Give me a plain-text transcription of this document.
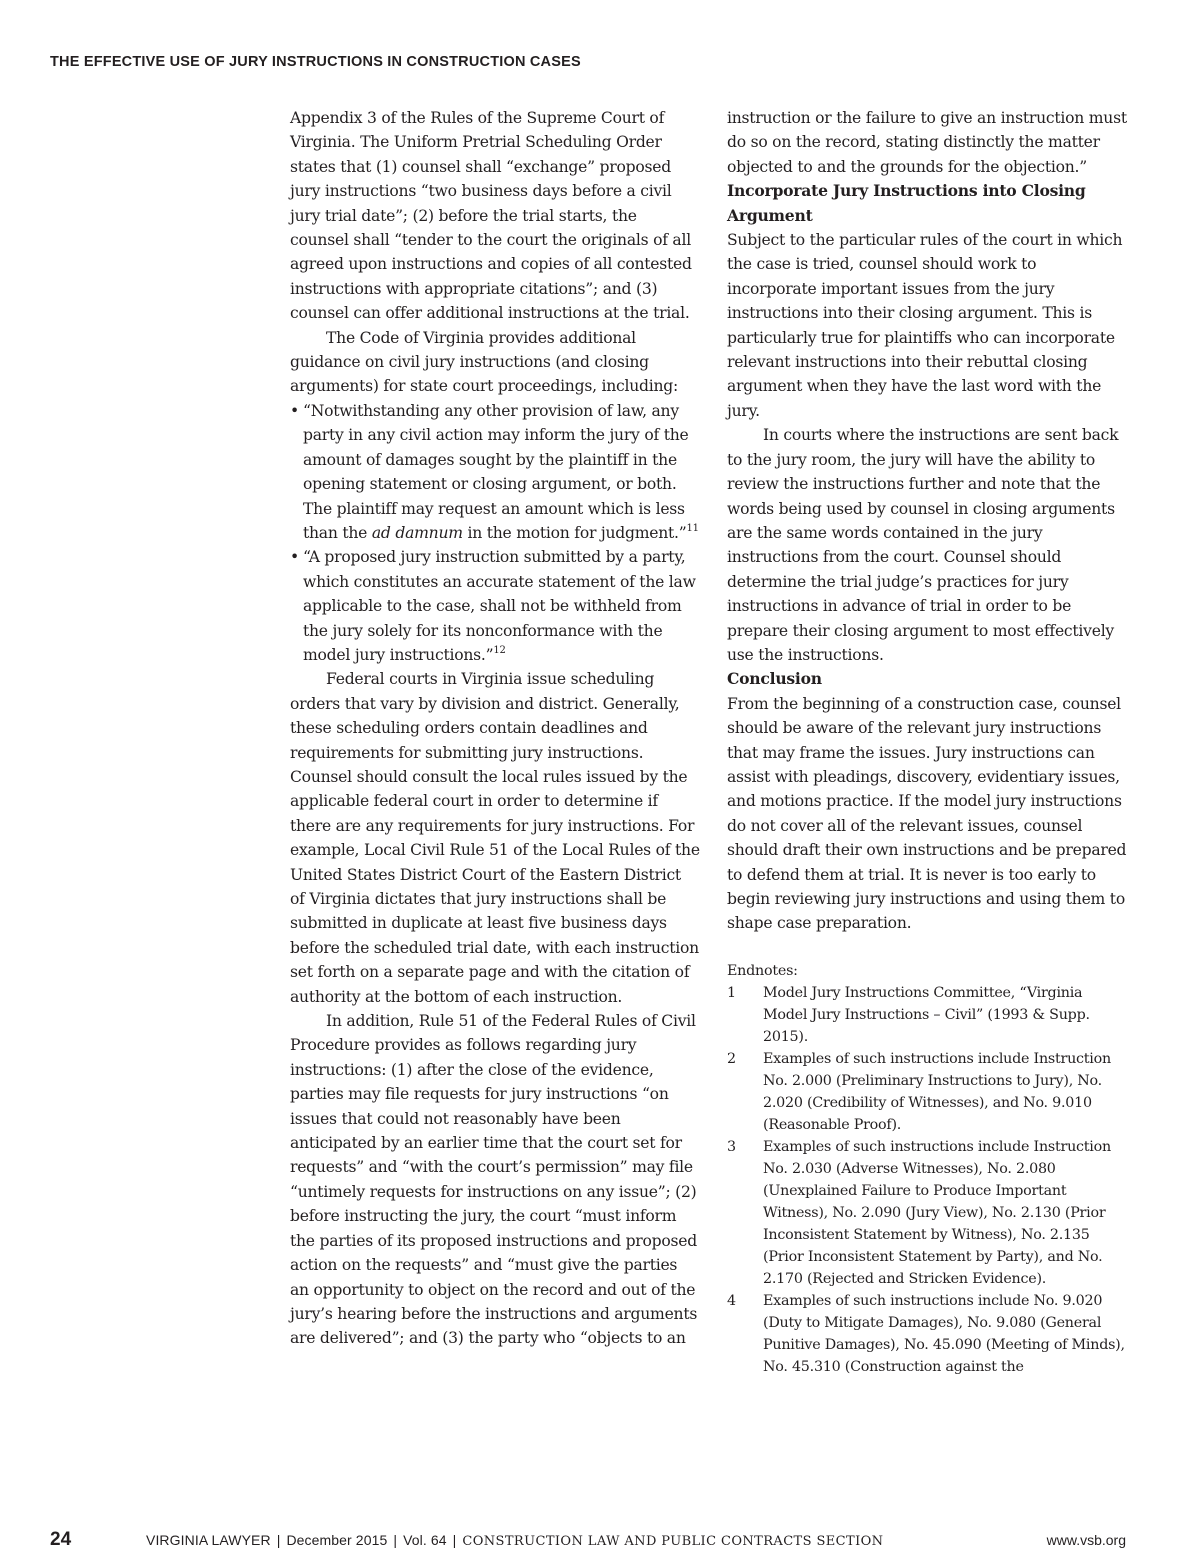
THE EFFECTIVE USE OF JURY INSTRUCTIONS IN CONSTRUCTION CASES

Appendix 3 of the Rules of the Supreme Court of Virginia. The Uniform Pretrial Scheduling Order states that (1) counsel shall “exchange” proposed jury instructions “two business days before a civil jury trial date”; (2) before the trial starts, the counsel shall “tender to the court the originals of all agreed upon instructions and copies of all contested instructions with appropriate citations”; and (3) counsel can offer additional instructions at the trial.

The Code of Virginia provides additional guidance on civil jury instructions (and closing arguments) for state court proceedings, including:

• “Notwithstanding any other provision of law, any party in any civil action may inform the jury of the amount of damages sought by the plaintiff in the opening statement or closing argument, or both. The plaintiff may request an amount which is less than the ad damnum in the motion for judgment.”$^{11}$
• “A proposed jury instruction submitted by a party, which constitutes an accurate statement of the law applicable to the case, shall not be withheld from the jury solely for its nonconformance with the model jury instructions.”$^{12}$

Federal courts in Virginia issue scheduling orders that vary by division and district. Generally, these scheduling orders contain deadlines and requirements for submitting jury instructions. Counsel should consult the local rules issued by the applicable federal court in order to determine if there are any requirements for jury instructions. For example, Local Civil Rule 51 of the Local Rules of the United States District Court of the Eastern District of Virginia dictates that jury instructions shall be submitted in duplicate at least five business days before the scheduled trial date, with each instruction set forth on a separate page and with the citation of authority at the bottom of each instruction.

In addition, Rule 51 of the Federal Rules of Civil Procedure provides as follows regarding jury instructions: (1) after the close of the evidence, parties may file requests for jury instructions “on issues that could not reasonably have been anticipated by an earlier time that the court set for requests” and “with the court’s permission” may file “untimely requests for instructions on any issue”; (2) before instructing the jury, the court “must inform the parties of its proposed instructions and proposed action on the requests” and “must give the parties an opportunity to object on the record and out of the jury’s hearing before the instructions and arguments are delivered”; and (3) the party who “objects to an

instruction or the failure to give an instruction must do so on the record, stating distinctly the matter objected to and the grounds for the objection.”

Incorporate Jury Instructions into Closing Argument

Subject to the particular rules of the court in which the case is tried, counsel should work to incorporate important issues from the jury instructions into their closing argument. This is particularly true for plaintiffs who can incorporate relevant instructions into their rebuttal closing argument when they have the last word with the jury.

In courts where the instructions are sent back to the jury room, the jury will have the ability to review the instructions further and note that the words being used by counsel in closing arguments are the same words contained in the jury instructions from the court. Counsel should determine the trial judge’s practices for jury instructions in advance of trial in order to be prepare their closing argument to most effectively use the instructions.

Conclusion

From the beginning of a construction case, counsel should be aware of the relevant jury instructions that may frame the issues. Jury instructions can assist with pleadings, discovery, evidentiary issues, and motions practice. If the model jury instructions do not cover all of the relevant issues, counsel should draft their own instructions and be prepared to defend them at trial. It is never is too early to begin reviewing jury instructions and using them to shape case preparation.

Endnotes:
1	Model Jury Instructions Committee, “Virginia Model Jury Instructions – Civil” (1993 & Supp. 2015).
2	Examples of such instructions include Instruction No. 2.000 (Preliminary Instructions to Jury), No. 2.020 (Credibility of Witnesses), and No. 9.010 (Reasonable Proof).
3	Examples of such instructions include Instruction No. 2.030 (Adverse Witnesses), No. 2.080 (Unexplained Failure to Produce Important Witness), No. 2.090 (Jury View), No. 2.130 (Prior Inconsistent Statement by Witness), No. 2.135 (Prior Inconsistent Statement by Party), and No. 2.170 (Rejected and Stricken Evidence).
4	Examples of such instructions include No. 9.020 (Duty to Mitigate Damages), No. 9.080 (General Punitive Damages), No. 45.090 (Meeting of Minds), No. 45.310 (Construction against the
24	VIRGINIA LAWYER | December 2015 | Vol. 64 | CONSTRUCTION LAW AND PUBLIC CONTRACTS SECTION	www.vsb.org
